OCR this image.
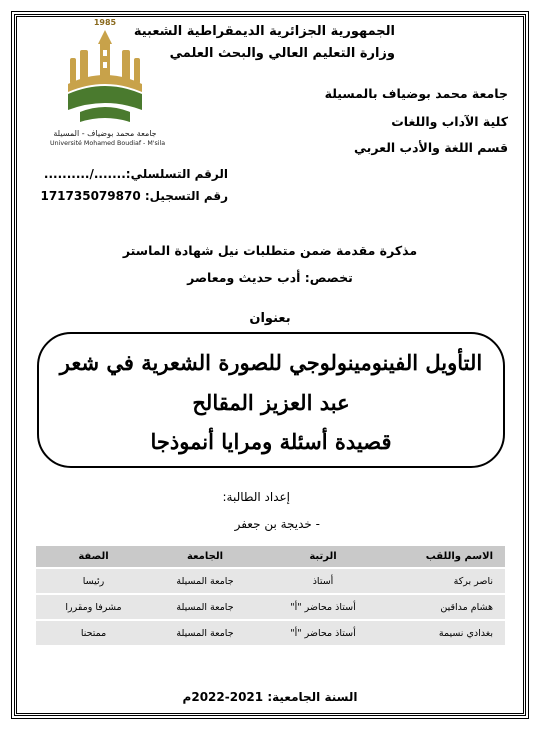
الجمهورية الجزائرية الديمقراطية الشعبية
وزارة التعليم العالي والبحث العلمي
جامعة محمد بوضياف بالمسيلة
كلية الآداب واللغات
قسم اللغة والأدب العربي
الرقم التسلسلي:......./..........
رقم التسجيل: 171735079870
1985
جامعة محمد بوضياف - المسيلة
Université Mohamed Boudiaf - M'sila
مذكرة مقدمة ضمن متطلبات نيل شهادة الماستر
تخصص: أدب حديث ومعاصر
بعنوان
التأويل الفينومينولوجي للصورة الشعرية في شعر
عبد العزيز المقالح
قصيدة أسئلة ومرايا أنموذجا
إعداد الطالبة:
- خديجة بن جعفر
الاسم واللقب	الرتبة	الجامعة	الصفة
ناصر بركة	أستاذ	جامعة المسيلة	رئيسا
هشام مداقين	أستاذ محاضر "أ"	جامعة المسيلة	مشرفا ومقررا
بغدادي نسيمة	أستاذ محاضر "أ"	جامعة المسيلة	ممتحنا
السنة الجامعية: 2021-2022م
